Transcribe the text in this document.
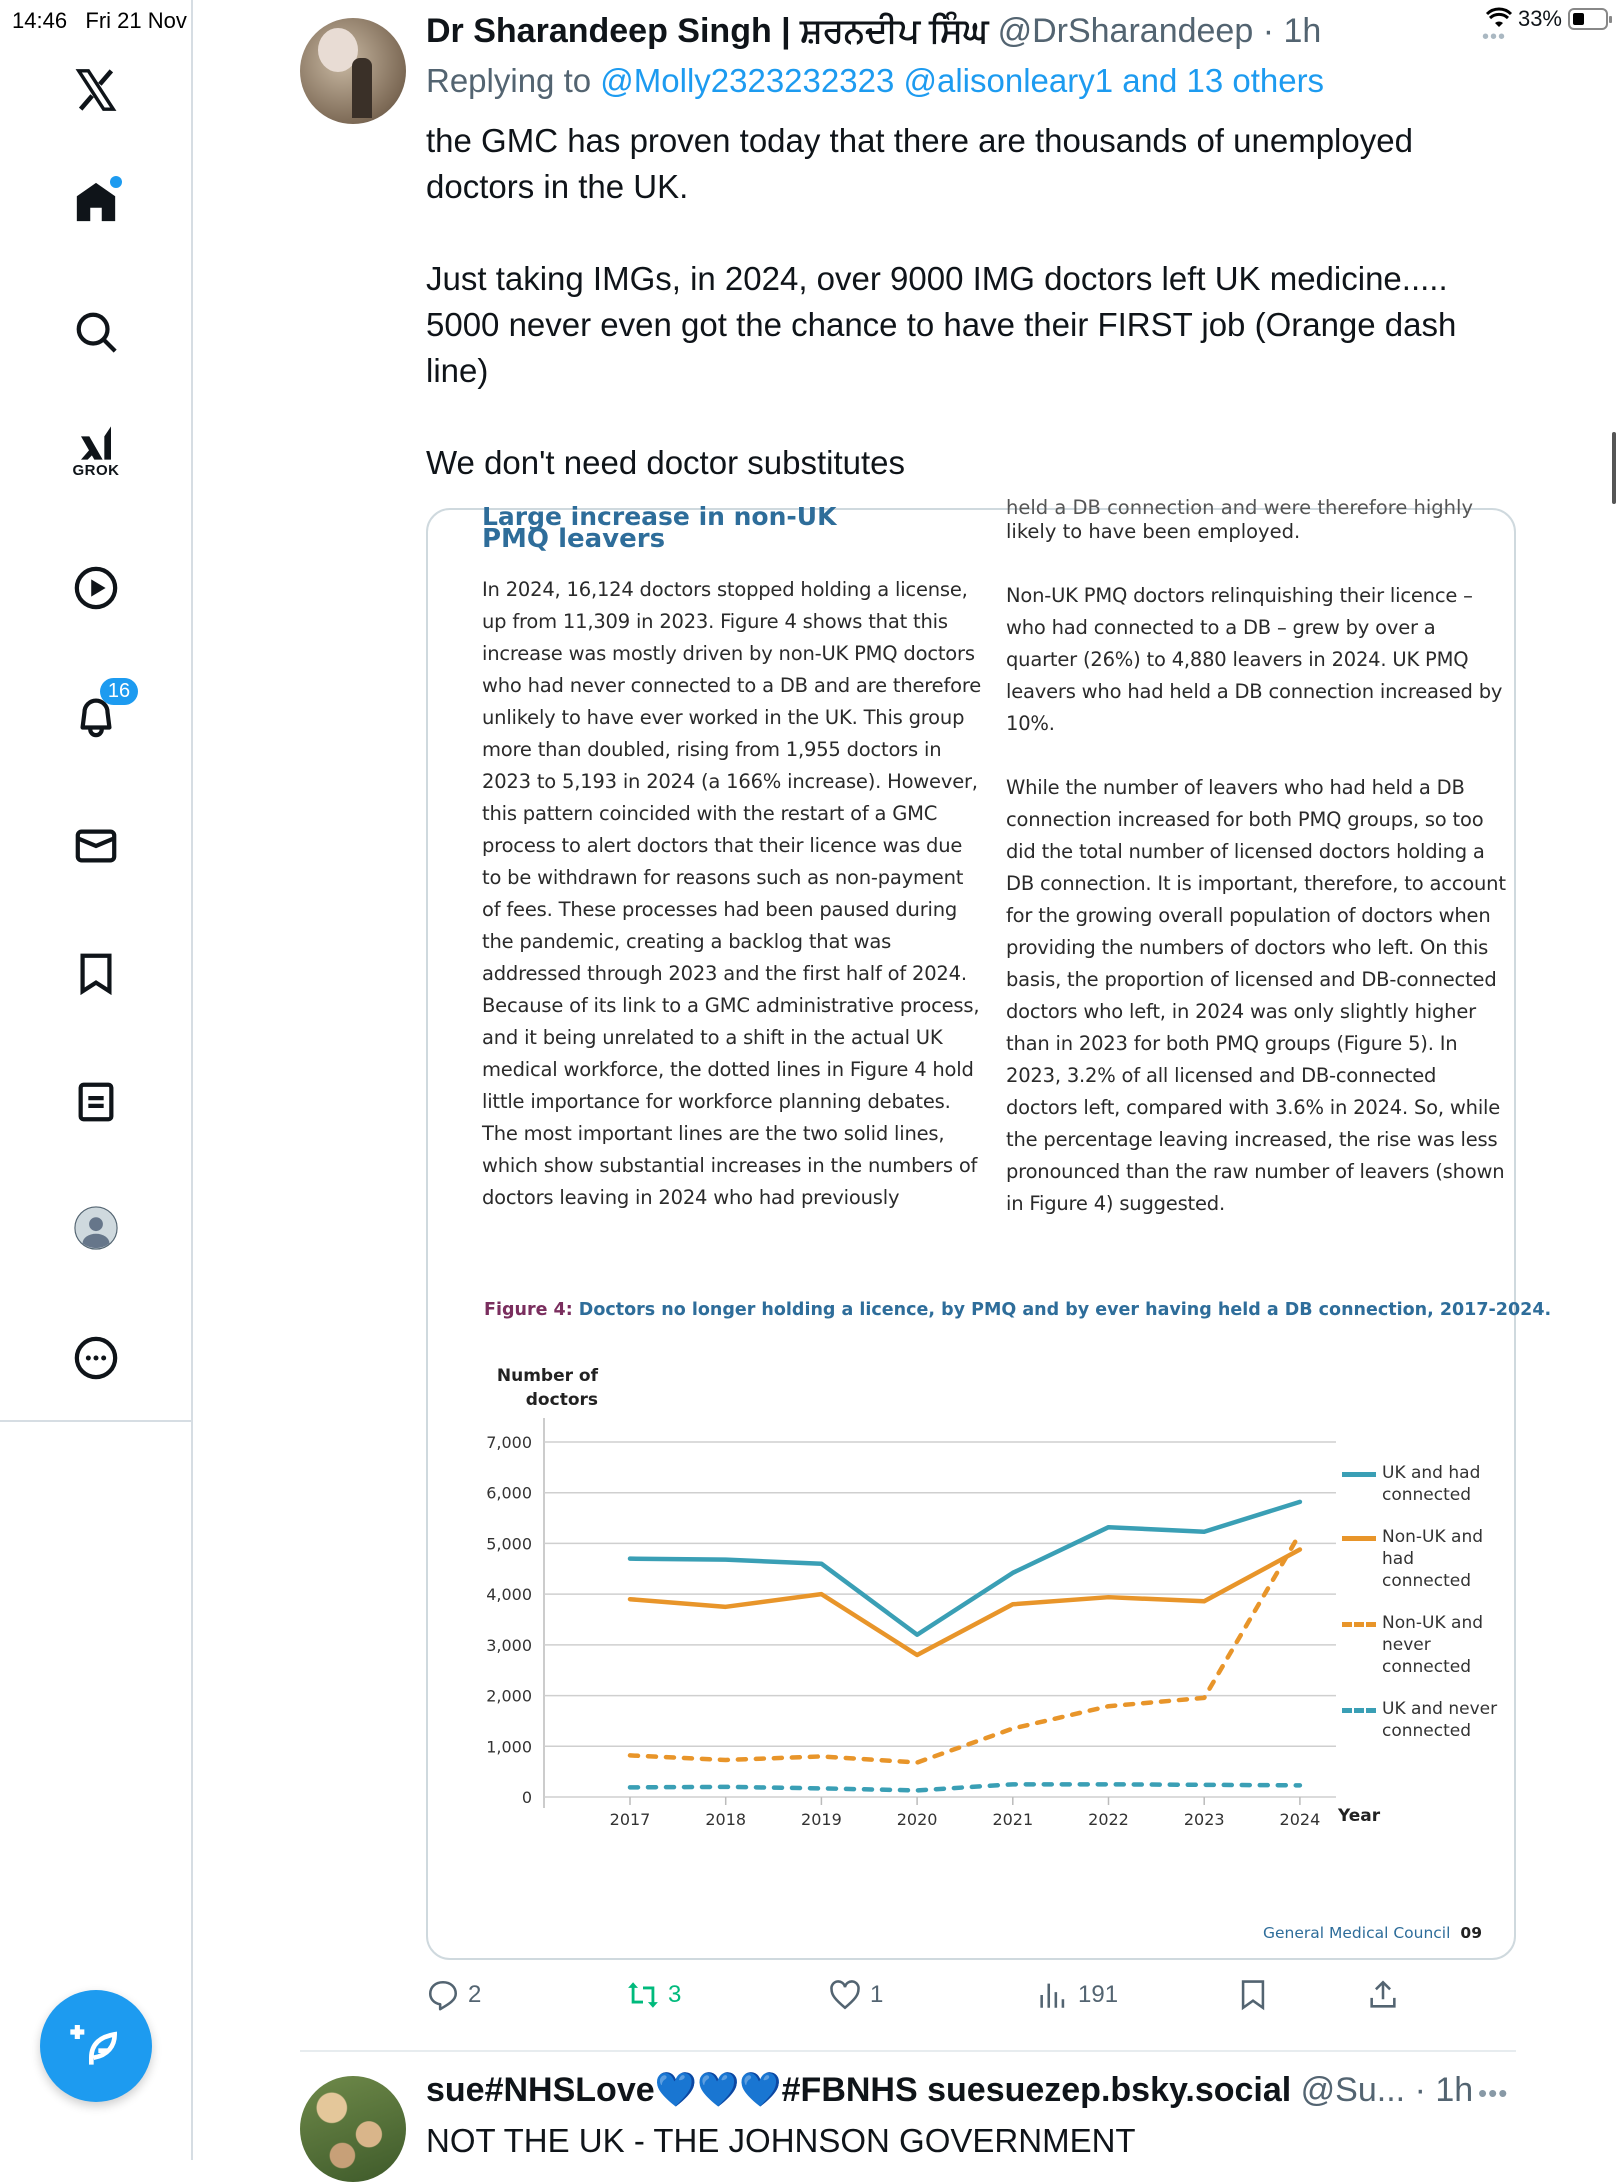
14:46 Fri 21 Nov	33%
•••
GROK
16
Dr Sharandeep Singh | ਸ਼ਰਨਦੀਪ ਸਿੰਘ @DrSharandeep · 1h
Replying to @Molly2323232323 @alisonleary1 and 13 others

the GMC has proven today that there are thousands of unemployed doctors in the UK.

Just taking IMGs, in 2024, over 9000 IMG doctors left UK medicine..... 5000 never even got the chance to have their FIRST job (Orange dash line)

We don't need doctor substitutes

Large increase in non-UK
PMQ leavers
held a DB connection and were therefore highly
likely to have been employed.

In 2024, 16,124 doctors stopped holding a license, up from 11,309 in 2023. Figure 4 shows that this increase was mostly driven by non-UK PMQ doctors who had never connected to a DB and are therefore unlikely to have ever worked in the UK. This group more than doubled, rising from 1,955 doctors in 2023 to 5,193 in 2024 (a 166% increase). However, this pattern coincided with the restart of a GMC process to alert doctors that their licence was due to be withdrawn for reasons such as non-payment of fees. These processes had been paused during the pandemic, creating a backlog that was addressed through 2023 and the first half of 2024. Because of its link to a GMC administrative process, and it being unrelated to a shift in the actual UK medical workforce, the dotted lines in Figure 4 hold little importance for workforce planning debates. The most important lines are the two solid lines, which show substantial increases in the numbers of doctors leaving in 2024 who had previously

Non-UK PMQ doctors relinquishing their licence – who had connected to a DB – grew by over a quarter (26%) to 4,880 leavers in 2024. UK PMQ leavers who had held a DB connection increased by 10%.

While the number of leavers who had held a DB connection increased for both PMQ groups, so too did the total number of licensed doctors holding a DB connection. It is important, therefore, to account for the growing overall population of doctors when providing the numbers of doctors who left. On this basis, the proportion of licensed and DB-connected doctors who left, in 2024 was only slightly higher than in 2023 for both PMQ groups (Figure 5). In 2023, 3.2% of all licensed and DB-connected doctors left, compared with 3.6% in 2024. So, while the percentage leaving increased, the rise was less pronounced than the raw number of leavers (shown in Figure 4) suggested.

Figure 4: Doctors no longer holding a licence, by PMQ and by ever having held a DB connection, 2017-2024.
Number of doctors
0
1,000
2,000
3,000
4,000
5,000
6,000
7,000
2017	2018	2019	2020	2021	2022	2023	2024
UK and had connected
Non-UK and had connected
Non-UK and never connected
UK and never connected
Year
General Medical Council 09
2	3	1	191
sue#NHSLove💙💙💙#FBNHS suesuezep.bsky.social @Su... · 1h •••
NOT THE UK - THE JOHNSON GOVERNMENT
